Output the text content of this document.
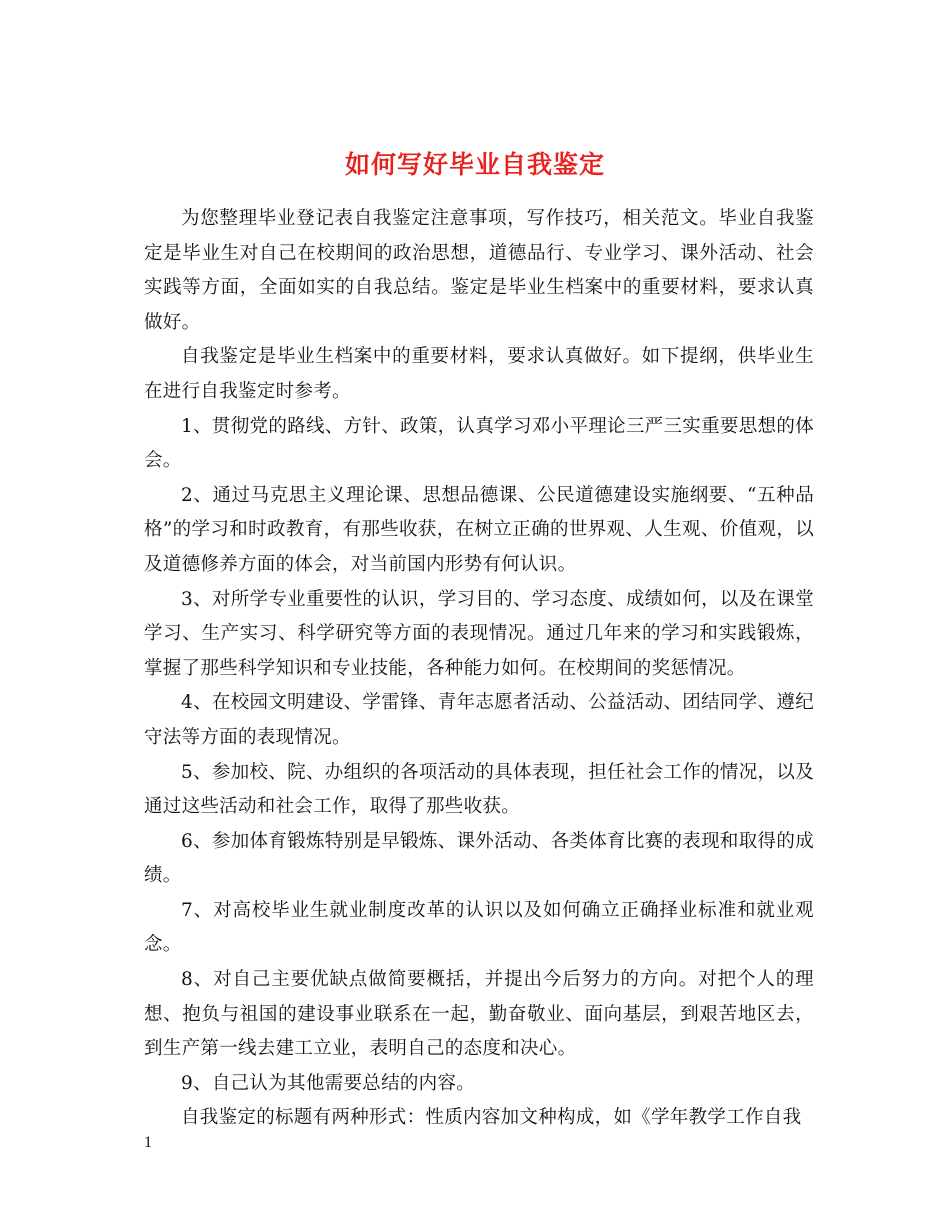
如何写好毕业自我鉴定

为您整理毕业登记表自我鉴定注意事项，写作技巧，相关范文。毕业自我鉴定是毕业生对自己在校期间的政治思想，道德品行、专业学习、课外活动、社会实践等方面，全面如实的自我总结。鉴定是毕业生档案中的重要材料，要求认真做好。

自我鉴定是毕业生档案中的重要材料，要求认真做好。如下提纲，供毕业生在进行自我鉴定时参考。

1、贯彻党的路线、方针、政策，认真学习邓小平理论三严三实重要思想的体会。

2、通过马克思主义理论课、思想品德课、公民道德建设实施纲要、“五种品格”的学习和时政教育，有那些收获，在树立正确的世界观、人生观、价值观，以及道德修养方面的体会，对当前国内形势有何认识。

3、对所学专业重要性的认识，学习目的、学习态度、成绩如何，以及在课堂学习、生产实习、科学研究等方面的表现情况。通过几年来的学习和实践锻炼，掌握了那些科学知识和专业技能，各种能力如何。在校期间的奖惩情况。

4、在校园文明建设、学雷锋、青年志愿者活动、公益活动、团结同学、遵纪守法等方面的表现情况。

5、参加校、院、办组织的各项活动的具体表现，担任社会工作的情况，以及通过这些活动和社会工作，取得了那些收获。

6、参加体育锻炼特别是早锻炼、课外活动、各类体育比赛的表现和取得的成绩。

7、对高校毕业生就业制度改革的认识以及如何确立正确择业标准和就业观念。

8、对自己主要优缺点做简要概括，并提出今后努力的方向。对把个人的理想、抱负与祖国的建设事业联系在一起，勤奋敬业、面向基层，到艰苦地区去，到生产第一线去建工立业，表明自己的态度和决心。

9、自己认为其他需要总结的内容。

自我鉴定的标题有两种形式：性质内容加文种构成，如《学年教学工作自我

1
